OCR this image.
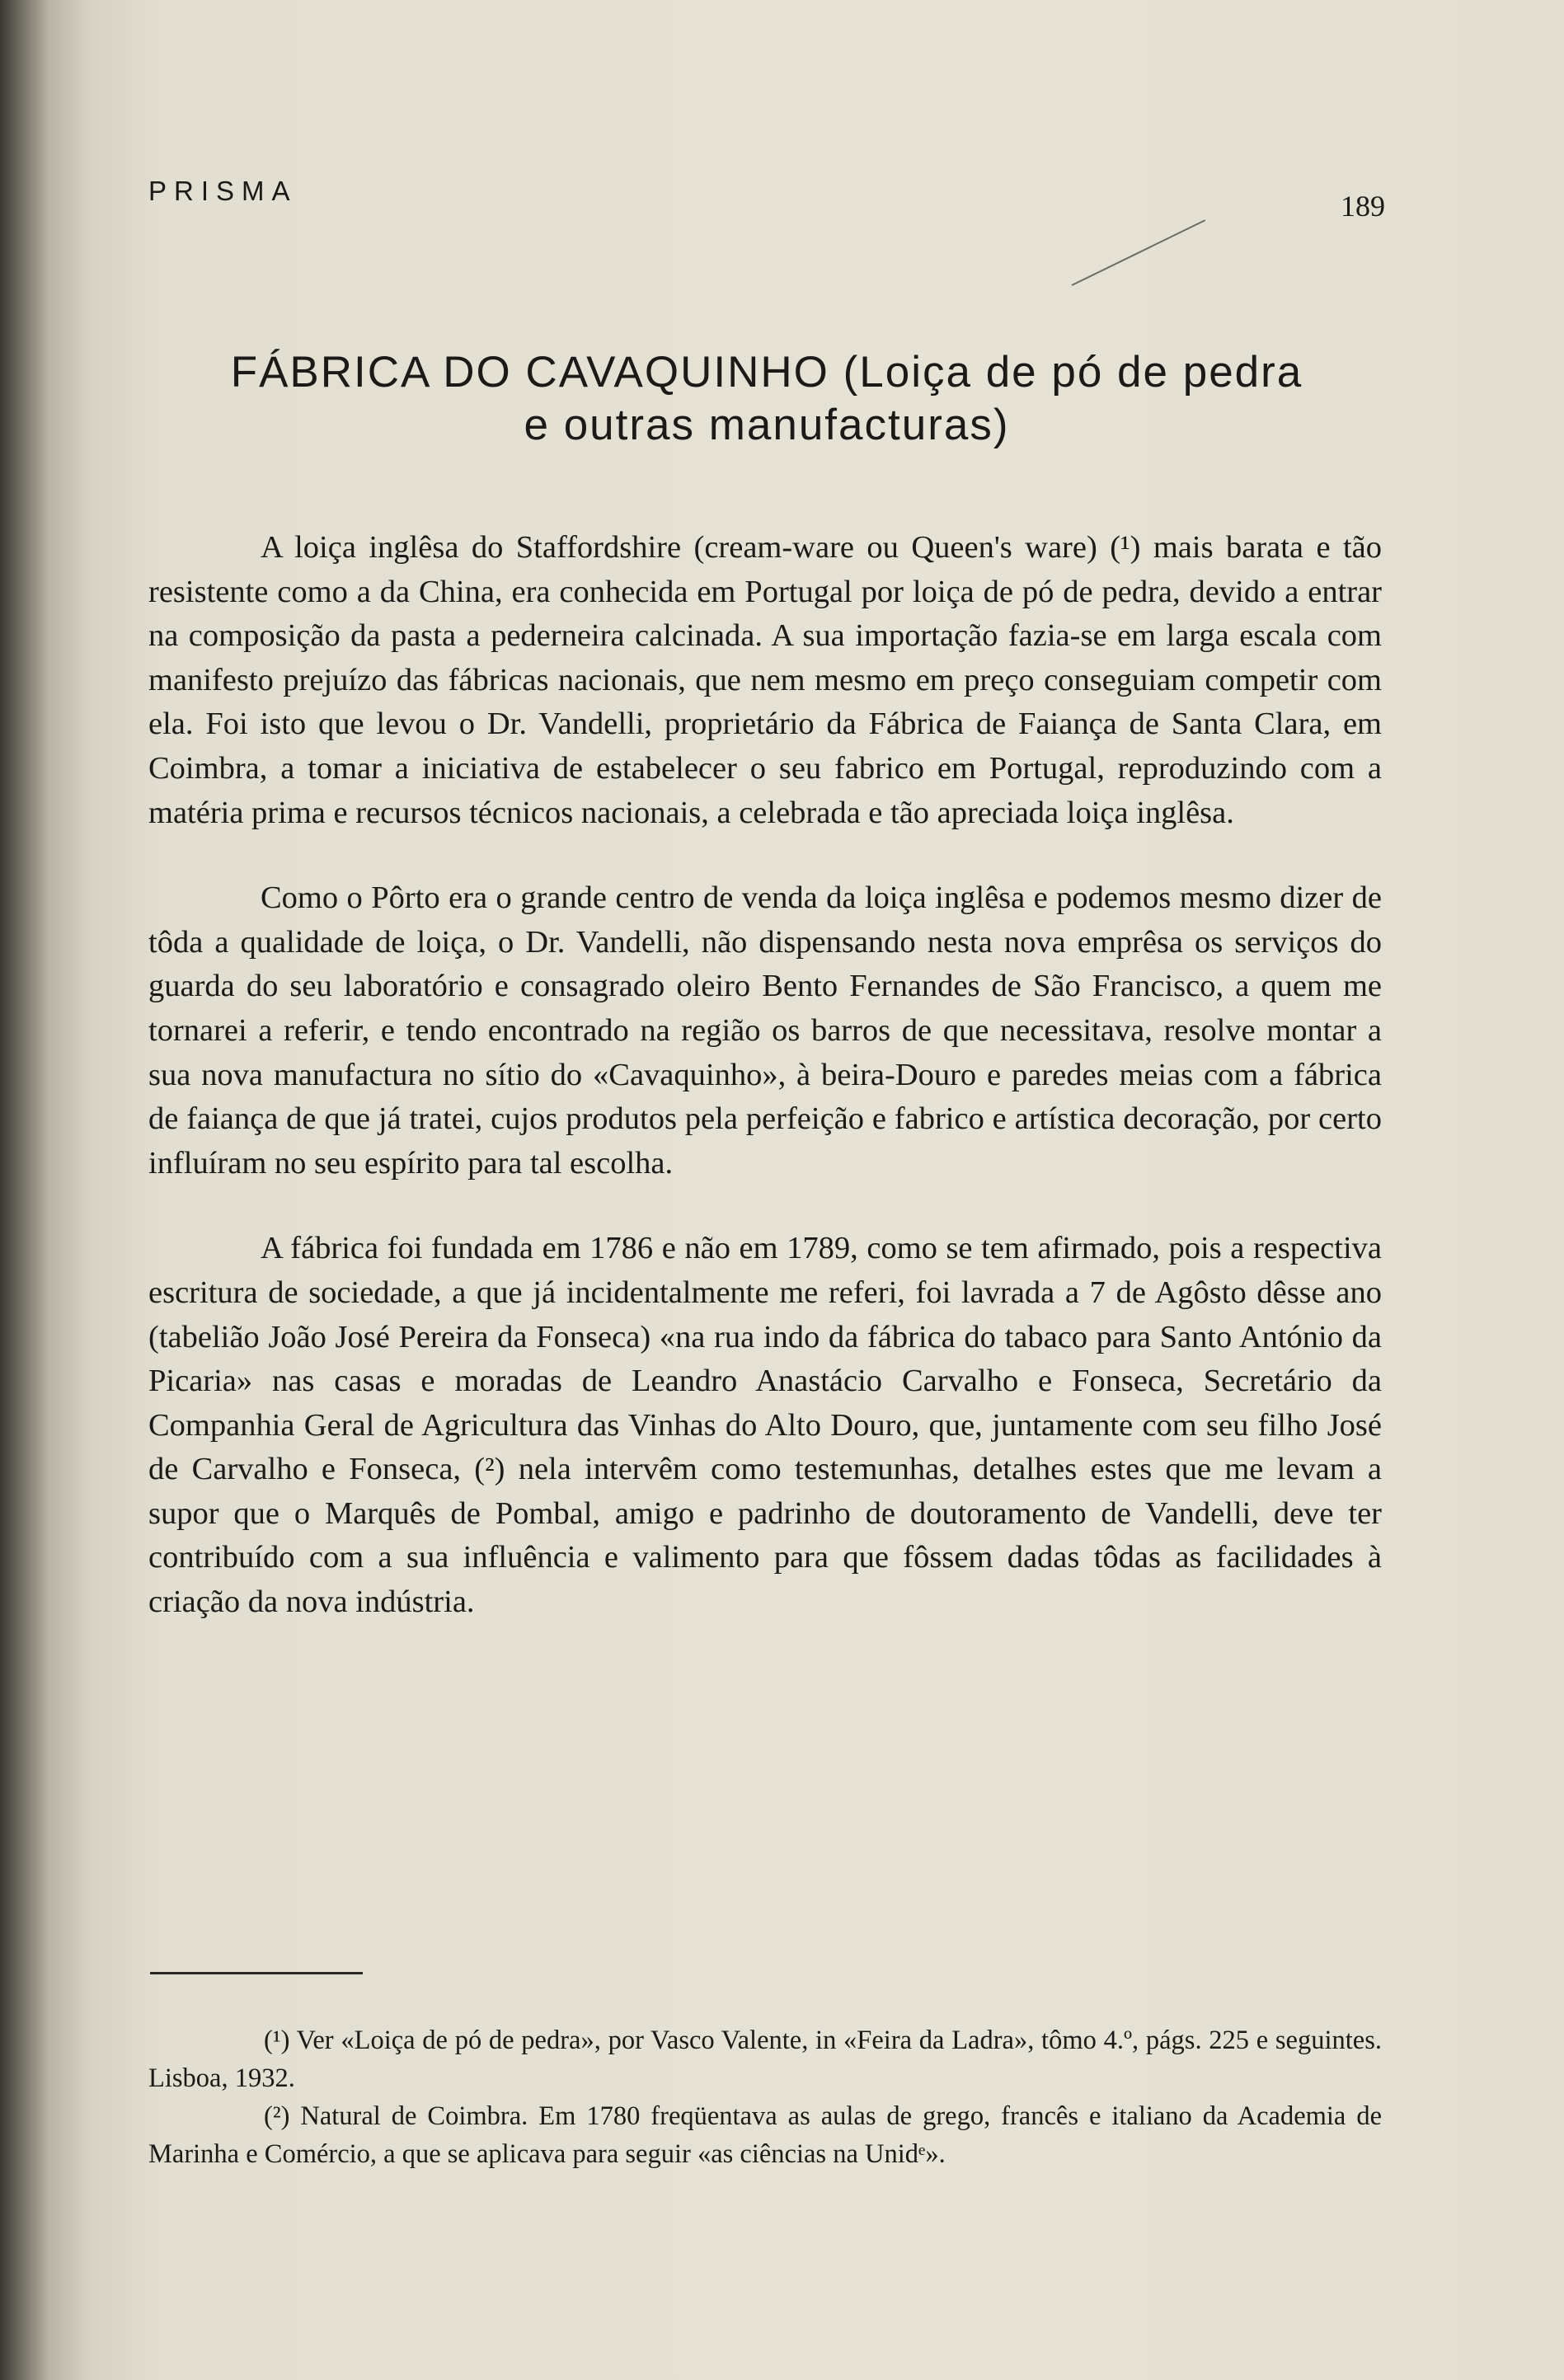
PRISMA	189
FÁBRICA DO CAVAQUINHO (Loiça de pó de pedra
e outras manufacturas)

A loiça inglêsa do Staffordshire (cream-ware ou Queen's ware) (¹) mais barata e tão resistente como a da China, era conhecida em Portugal por loiça de pó de pedra, devido a entrar na composição da pasta a pederneira calcinada. A sua importação fazia-se em larga escala com manifesto prejuízo das fábricas nacionais, que nem mesmo em preço conseguiam competir com ela. Foi isto que levou o Dr. Vandelli, proprietário da Fábrica de Faiança de Santa Clara, em Coimbra, a tomar a iniciativa de estabelecer o seu fabrico em Portugal, reproduzindo com a matéria prima e recursos técnicos nacionais, a celebrada e tão apreciada loiça inglêsa.

Como o Pôrto era o grande centro de venda da loiça inglêsa e podemos mesmo dizer de tôda a qualidade de loiça, o Dr. Vandelli, não dispensando nesta nova emprêsa os serviços do guarda do seu laboratório e consagrado oleiro Bento Fernandes de São Francisco, a quem me tornarei a referir, e tendo encontrado na região os barros de que necessitava, resolve montar a sua nova manufactura no sítio do «Cavaquinho», à beira-Douro e paredes meias com a fábrica de faiança de que já tratei, cujos produtos pela perfeição e fabrico e artística decoração, por certo influíram no seu espírito para tal escolha.

A fábrica foi fundada em 1786 e não em 1789, como se tem afirmado, pois a respectiva escritura de sociedade, a que já incidentalmente me referi, foi lavrada a 7 de Agôsto dêsse ano (tabelião João José Pereira da Fonseca) «na rua indo da fábrica do tabaco para Santo António da Picaria» nas casas e moradas de Leandro Anastácio Carvalho e Fonseca, Secretário da Companhia Geral de Agricultura das Vinhas do Alto Douro, que, juntamente com seu filho José de Carvalho e Fonseca, (²) nela intervêm como testemunhas, detalhes estes que me levam a supor que o Marquês de Pombal, amigo e padrinho de doutoramento de Vandelli, deve ter contribuído com a sua influência e valimento para que fôssem dadas tôdas as facilidades à criação da nova indústria.

(¹) Ver «Loiça de pó de pedra», por Vasco Valente, in «Feira da Ladra», tômo 4.º, págs. 225 e seguintes. Lisboa, 1932.

(²) Natural de Coimbra. Em 1780 freqüentava as aulas de grego, francês e italiano da Academia de Marinha e Comércio, a que se aplicava para seguir «as ciências na Unidᵉ».
